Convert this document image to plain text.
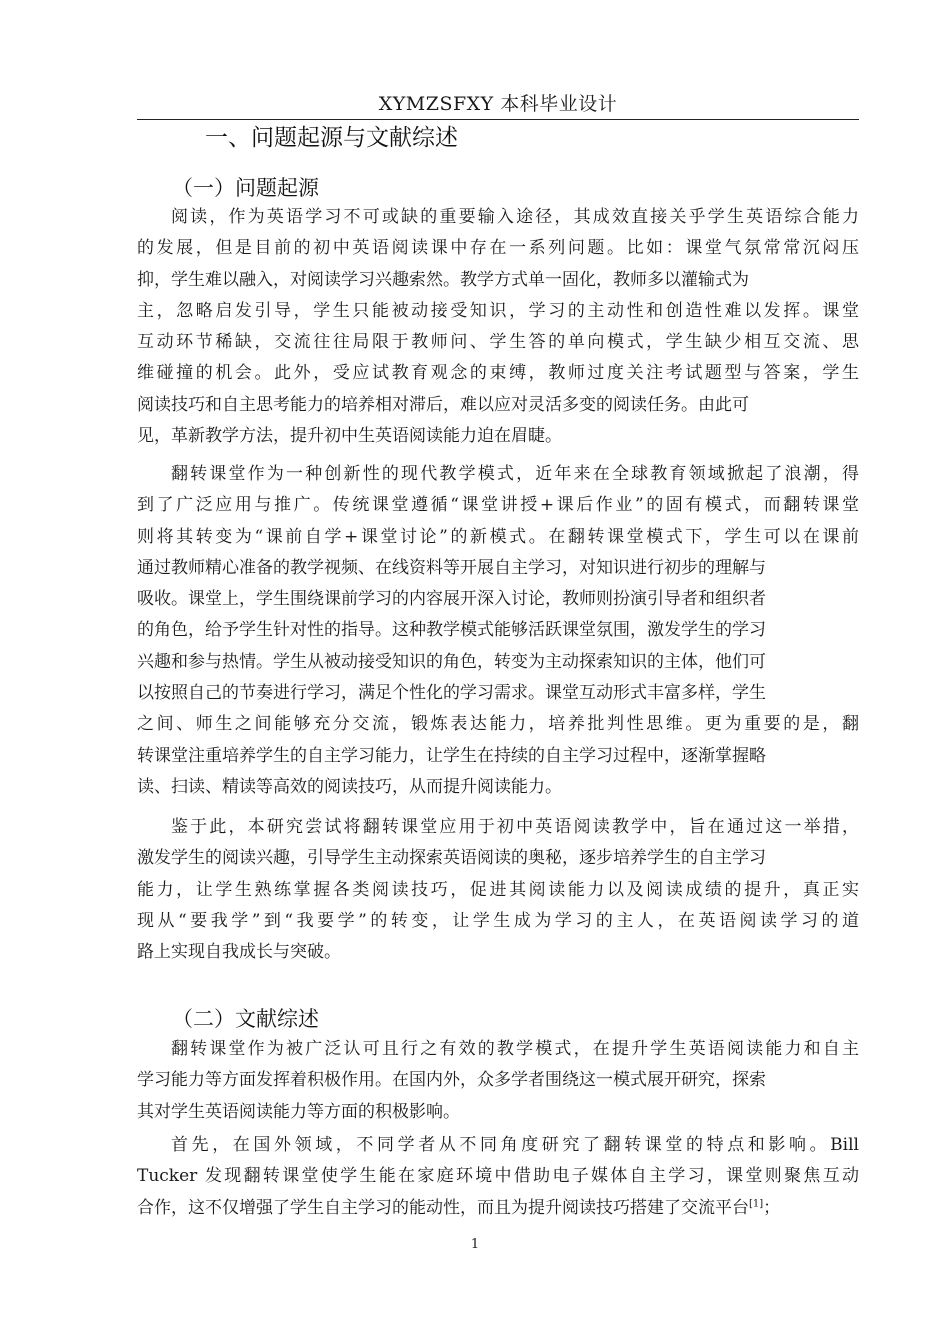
XYMZSFXY 本科毕业设计
一、问题起源与文献综述
（一）问题起源
阅读，作为英语学习不可或缺的重要输入途径，其成效直接关乎学生英语综合能力
的发展，但是目前的初中英语阅读课中存在一系列问题。比如：课堂气氛常常沉闷压
抑，学生难以融入，对阅读学习兴趣索然。教学方式单一固化，教师多以灌输式为
主，忽略启发引导，学生只能被动接受知识，学习的主动性和创造性难以发挥。课堂
互动环节稀缺，交流往往局限于教师问、学生答的单向模式，学生缺少相互交流、思
维碰撞的机会。此外，受应试教育观念的束缚，教师过度关注考试题型与答案，学生
阅读技巧和自主思考能力的培养相对滞后，难以应对灵活多变的阅读任务。由此可
见，革新教学方法，提升初中生英语阅读能力迫在眉睫。
翻转课堂作为一种创新性的现代教学模式，近年来在全球教育领域掀起了浪潮，得
到了广泛应用与推广。传统课堂遵循“课堂讲授+课后作业”的固有模式，而翻转课堂
则将其转变为“课前自学+课堂讨论”的新模式。在翻转课堂模式下，学生可以在课前
通过教师精心准备的教学视频、在线资料等开展自主学习，对知识进行初步的理解与
吸收。课堂上，学生围绕课前学习的内容展开深入讨论，教师则扮演引导者和组织者
的角色，给予学生针对性的指导。这种教学模式能够活跃课堂氛围，激发学生的学习
兴趣和参与热情。学生从被动接受知识的角色，转变为主动探索知识的主体，他们可
以按照自己的节奏进行学习，满足个性化的学习需求。课堂互动形式丰富多样，学生
之间、师生之间能够充分交流，锻炼表达能力，培养批判性思维。更为重要的是，翻
转课堂注重培养学生的自主学习能力，让学生在持续的自主学习过程中，逐渐掌握略
读、扫读、精读等高效的阅读技巧，从而提升阅读能力。
鉴于此，本研究尝试将翻转课堂应用于初中英语阅读教学中，旨在通过这一举措，
激发学生的阅读兴趣，引导学生主动探索英语阅读的奥秘，逐步培养学生的自主学习
能力，让学生熟练掌握各类阅读技巧，促进其阅读能力以及阅读成绩的提升，真正实
现从“要我学”到“我要学”的转变，让学生成为学习的主人，在英语阅读学习的道
路上实现自我成长与突破。
（二）文献综述
翻转课堂作为被广泛认可且行之有效的教学模式，在提升学生英语阅读能力和自主
学习能力等方面发挥着积极作用。在国内外，众多学者围绕这一模式展开研究，探索
其对学生英语阅读能力等方面的积极影响。
首先，在国外领域，不同学者从不同角度研究了翻转课堂的特点和影响。Bill
Tucker 发现翻转课堂使学生能在家庭环境中借助电子媒体自主学习，课堂则聚焦互动
合作，这不仅增强了学生自主学习的能动性，而且为提升阅读技巧搭建了交流平台[1]；
1
